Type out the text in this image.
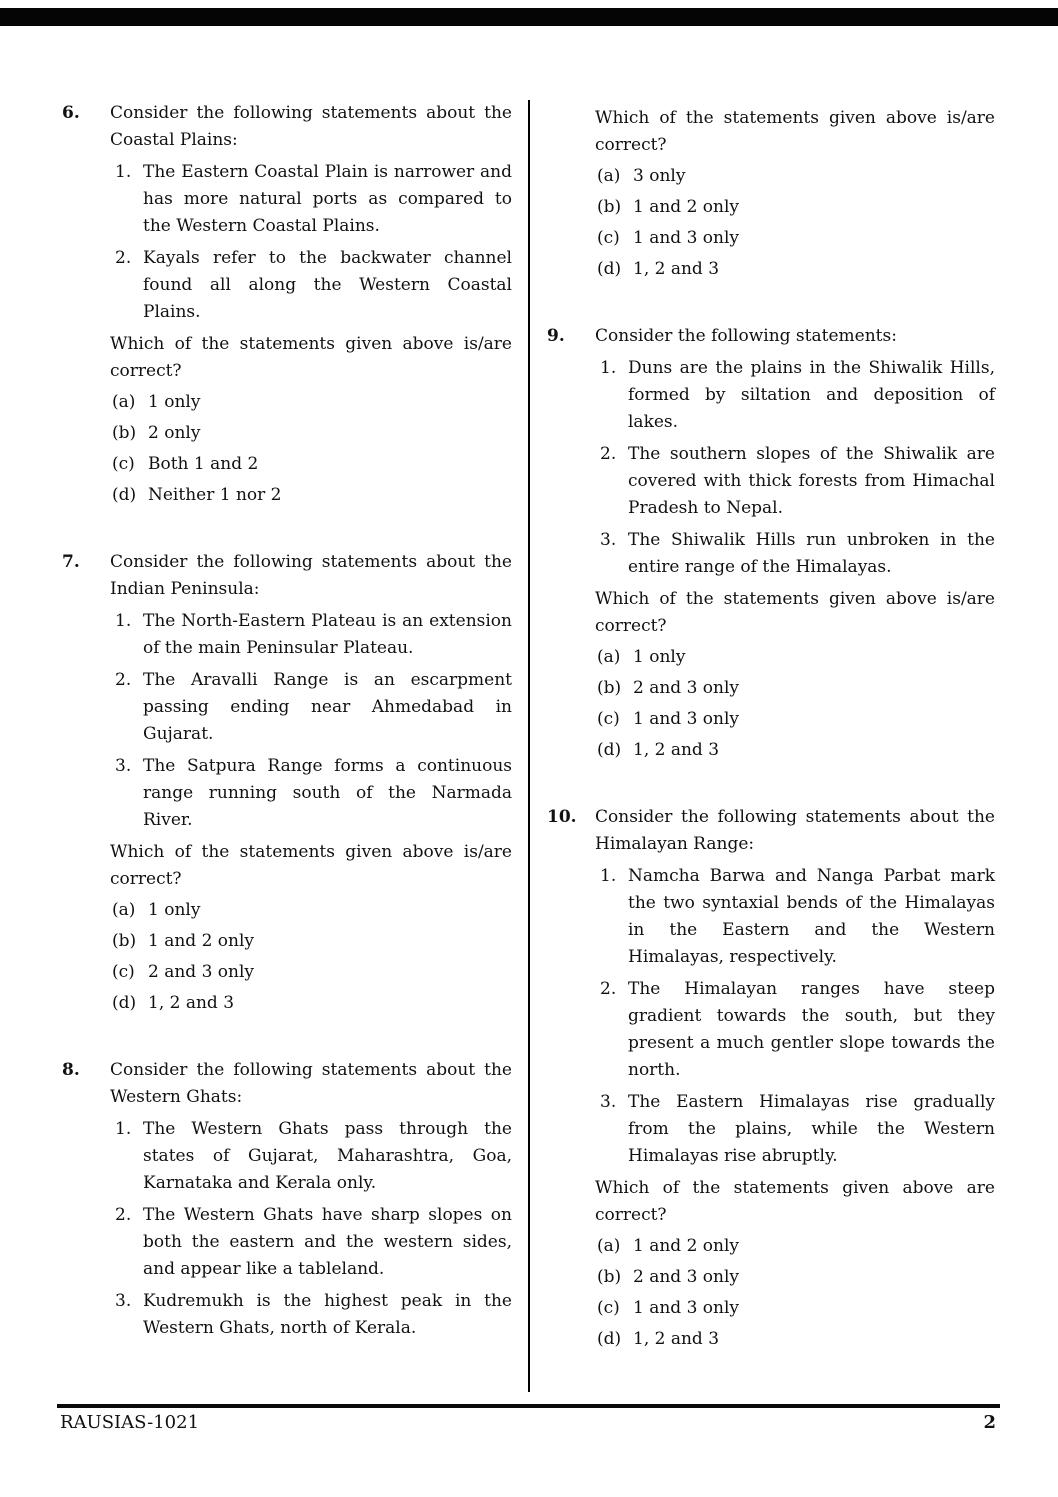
6.	Consider the following statements about the Coastal Plains:
1. The Eastern Coastal Plain is narrower and has more natural ports as compared to the Western Coastal Plains.
2. Kayals refer to the backwater channel found all along the Western Coastal Plains.
Which of the statements given above is/are correct?
(a) 1 only
(b) 2 only
(c) Both 1 and 2
(d) Neither 1 nor 2
7.	Consider the following statements about the Indian Peninsula:
1. The North-Eastern Plateau is an extension of the main Peninsular Plateau.
2. The Aravalli Range is an escarpment passing ending near Ahmedabad in Gujarat.
3. The Satpura Range forms a continuous range running south of the Narmada River.
Which of the statements given above is/are correct?
(a) 1 only
(b) 1 and 2 only
(c) 2 and 3 only
(d) 1, 2 and 3
8.	Consider the following statements about the Western Ghats:
1. The Western Ghats pass through the states of Gujarat, Maharashtra, Goa, Karnataka and Kerala only.
2. The Western Ghats have sharp slopes on both the eastern and the western sides, and appear like a tableland.
3. Kudremukh is the highest peak in the Western Ghats, north of Kerala.
Which of the statements given above is/are correct?
(a) 3 only
(b) 1 and 2 only
(c) 1 and 3 only
(d) 1, 2 and 3
9.	Consider the following statements:
1. Duns are the plains in the Shiwalik Hills, formed by siltation and deposition of lakes.
2. The southern slopes of the Shiwalik are covered with thick forests from Himachal Pradesh to Nepal.
3. The Shiwalik Hills run unbroken in the entire range of the Himalayas.
Which of the statements given above is/are correct?
(a) 1 only
(b) 2 and 3 only
(c) 1 and 3 only
(d) 1, 2 and 3
10.	Consider the following statements about the Himalayan Range:
1. Namcha Barwa and Nanga Parbat mark the two syntaxial bends of the Himalayas in the Eastern and the Western Himalayas, respectively.
2. The Himalayan ranges have steep gradient towards the south, but they present a much gentler slope towards the north.
3. The Eastern Himalayas rise gradually from the plains, while the Western Himalayas rise abruptly.
Which of the statements given above are correct?
(a) 1 and 2 only
(b) 2 and 3 only
(c) 1 and 3 only
(d) 1, 2 and 3
RAUSIAS-1021	2
